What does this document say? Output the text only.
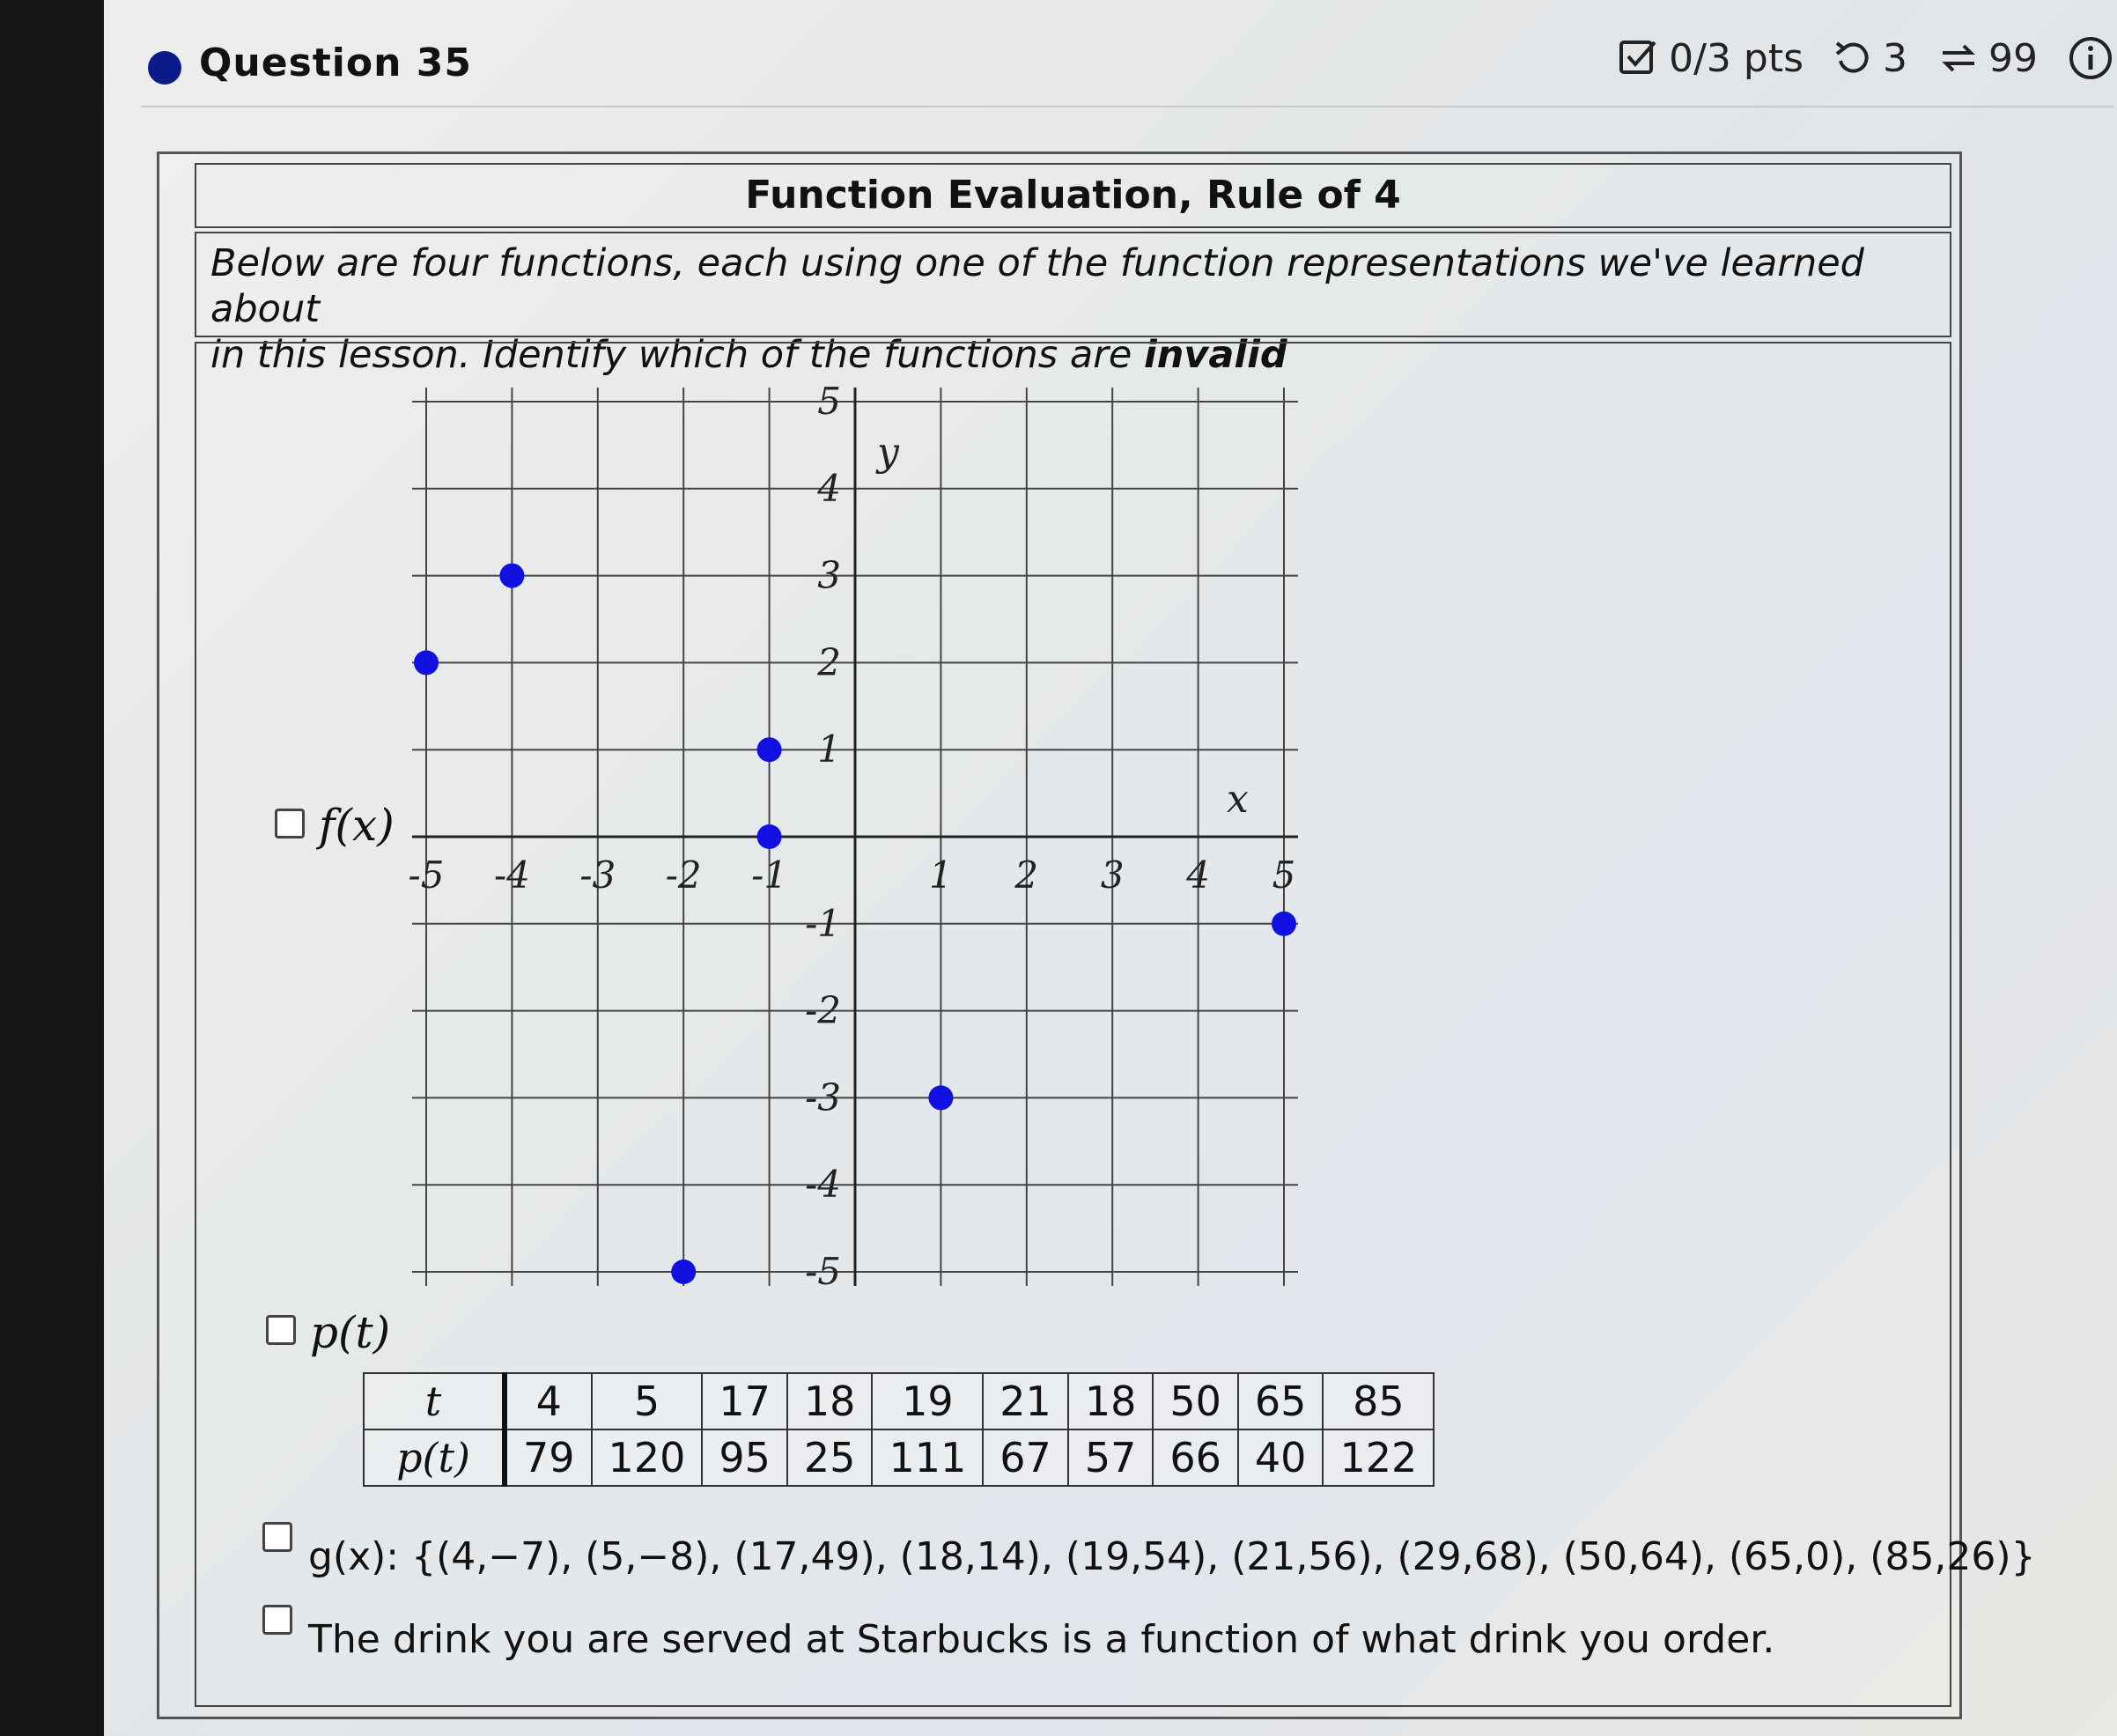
Question 35	0/3 pts 3 99
Function Evaluation, Rule of 4
Below are four functions, each using one of the function representations we've learned about
in this lesson. Identify which of the functions are invalid
-5 -4 -3 -2 -1	1 2 3 4 5
5
4
3
2
1
-1
-2
-3
-4
-5
y
x
f(x)
p(t)
t	4	5	17	18	19	21	18	50	65	85
p(t)	79	120	95	25	111	67	57	66	40	122
g(x): {(4,−7), (5,−8), (17,49), (18,14), (19,54), (21,56), (29,68), (50,64), (65,0), (85,26)}
The drink you are served at Starbucks is a function of what drink you order.
